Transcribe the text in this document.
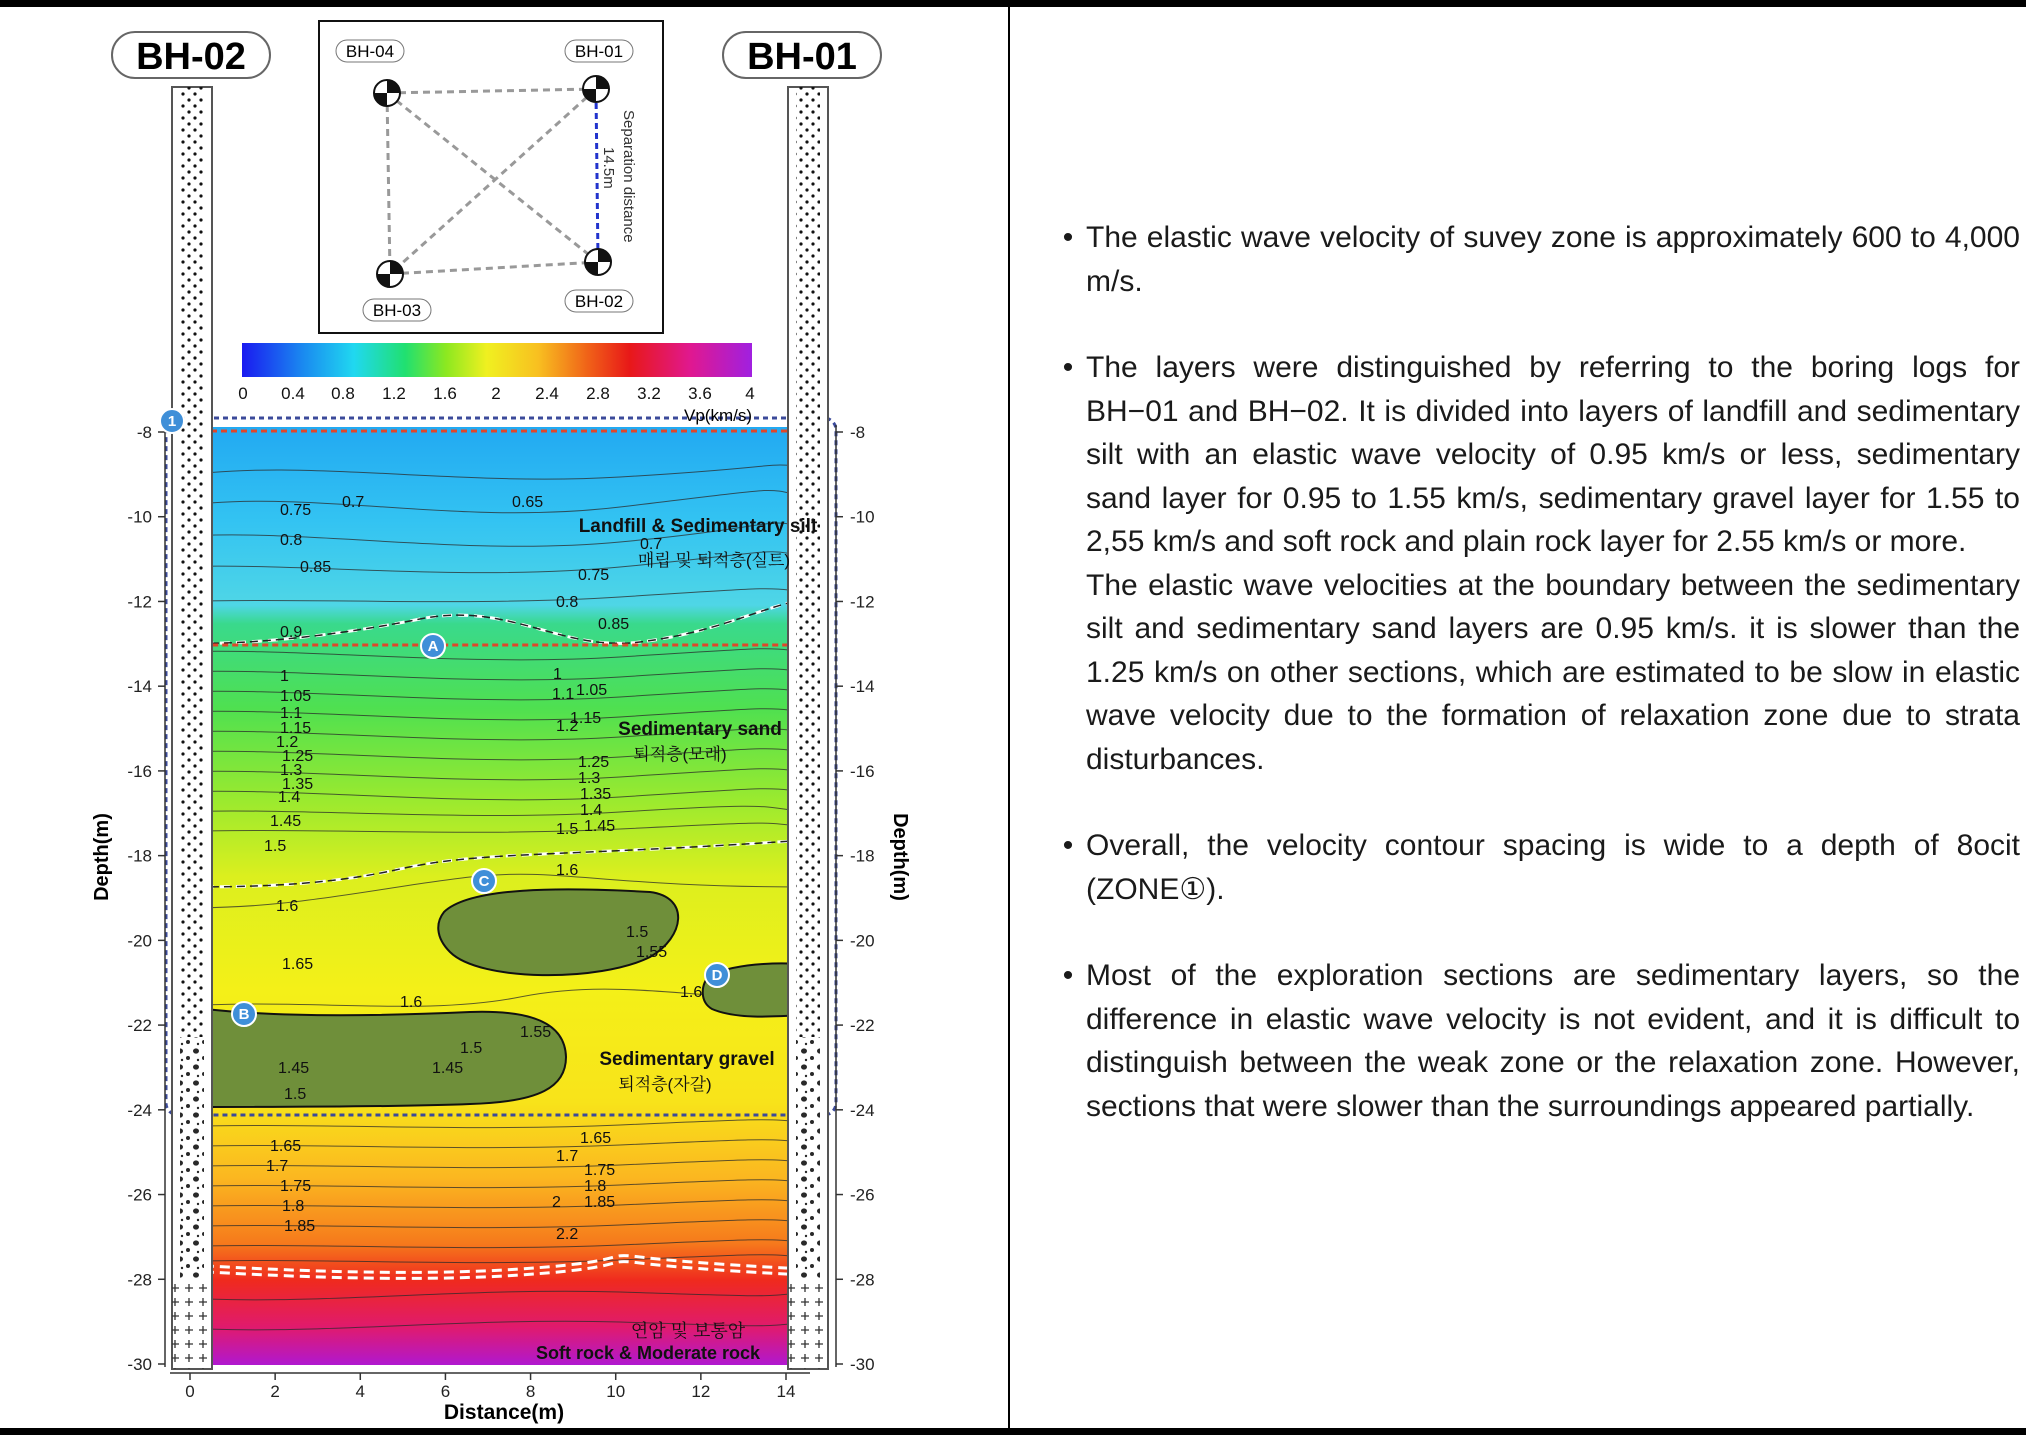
BH-02	BH-01
BH-04	BH-01
BH-03	BH-02
Separation distance
14.5m
0 0.4 0.8 1.2 1.6 2 2.4 2.8 3.2 3.6 4
Vp(km/s)
-8
-10
-12
-14
-16
-18
-20
-22
-24
-26
-28
-30
-8
-10
-12
-14
-16
-18
-20
-22
-24
-26
-28
-30
0	2	4	6	8	10	12	14
Depth(m)	Depth(m)
Distance(m)
Landfill & Sedimentary silt
매립 및 퇴적층(실트)
Sedimentary sand
퇴적층(모래)
Sedimentary gravel
퇴적층(자갈)
연암 및 보통암
Soft rock & Moderate rock
0.75 0.7	0.65
0.8
0.85
0.7
0.75
0.8
0.85
0.9
1
1.05
1.1
1.15
1.2
1.25
1.3
1.35
1.4
1.45
1.5
1.05
1.1
1.15
1.2
1.25
1.3
1.35
1.4
1.45
1.5
1
1.6
1.65
1.6
1.6
1.5
1.55
1.6
1.45	1.45
1.5
1.55
1.5
1.65
1.7
1.75
1.8
1.85
1.65
1.7
1.75
1.8
1.85
2
2.2
1
A
B
C
D
• The elastic wave velocity of suvey zone is approximately 600 to 4,000 m/s.

• The layers were distinguished by referring to the boring logs for BH−01 and BH−02. It is divided into layers of landfill and sedimentary silt with an elastic wave velocity of 0.95 km/s or less, sedimentary sand layer for 0.95 to 1.55 km/s, sedimentary gravel layer for 1.55 to 2,55 km/s and soft rock and plain rock layer for 2.55 km/s or more.

The elastic wave velocities at the boundary between the sedimentary silt and sedimentary sand layers are 0.95 km/s. it is slower than the 1.25 km/s on other sections, which are estimated to be slow in elastic wave velocity due to the formation of relaxation zone due to strata disturbances.

• Overall, the velocity contour spacing is wide to a depth of 8ocit (ZONE①).

• Most of the exploration sections are sedimentary layers, so the difference in elastic wave velocity is not evident, and it is difficult to distinguish between the weak zone or the relaxation zone. However, sections that were slower than the surroundings appeared partially.
